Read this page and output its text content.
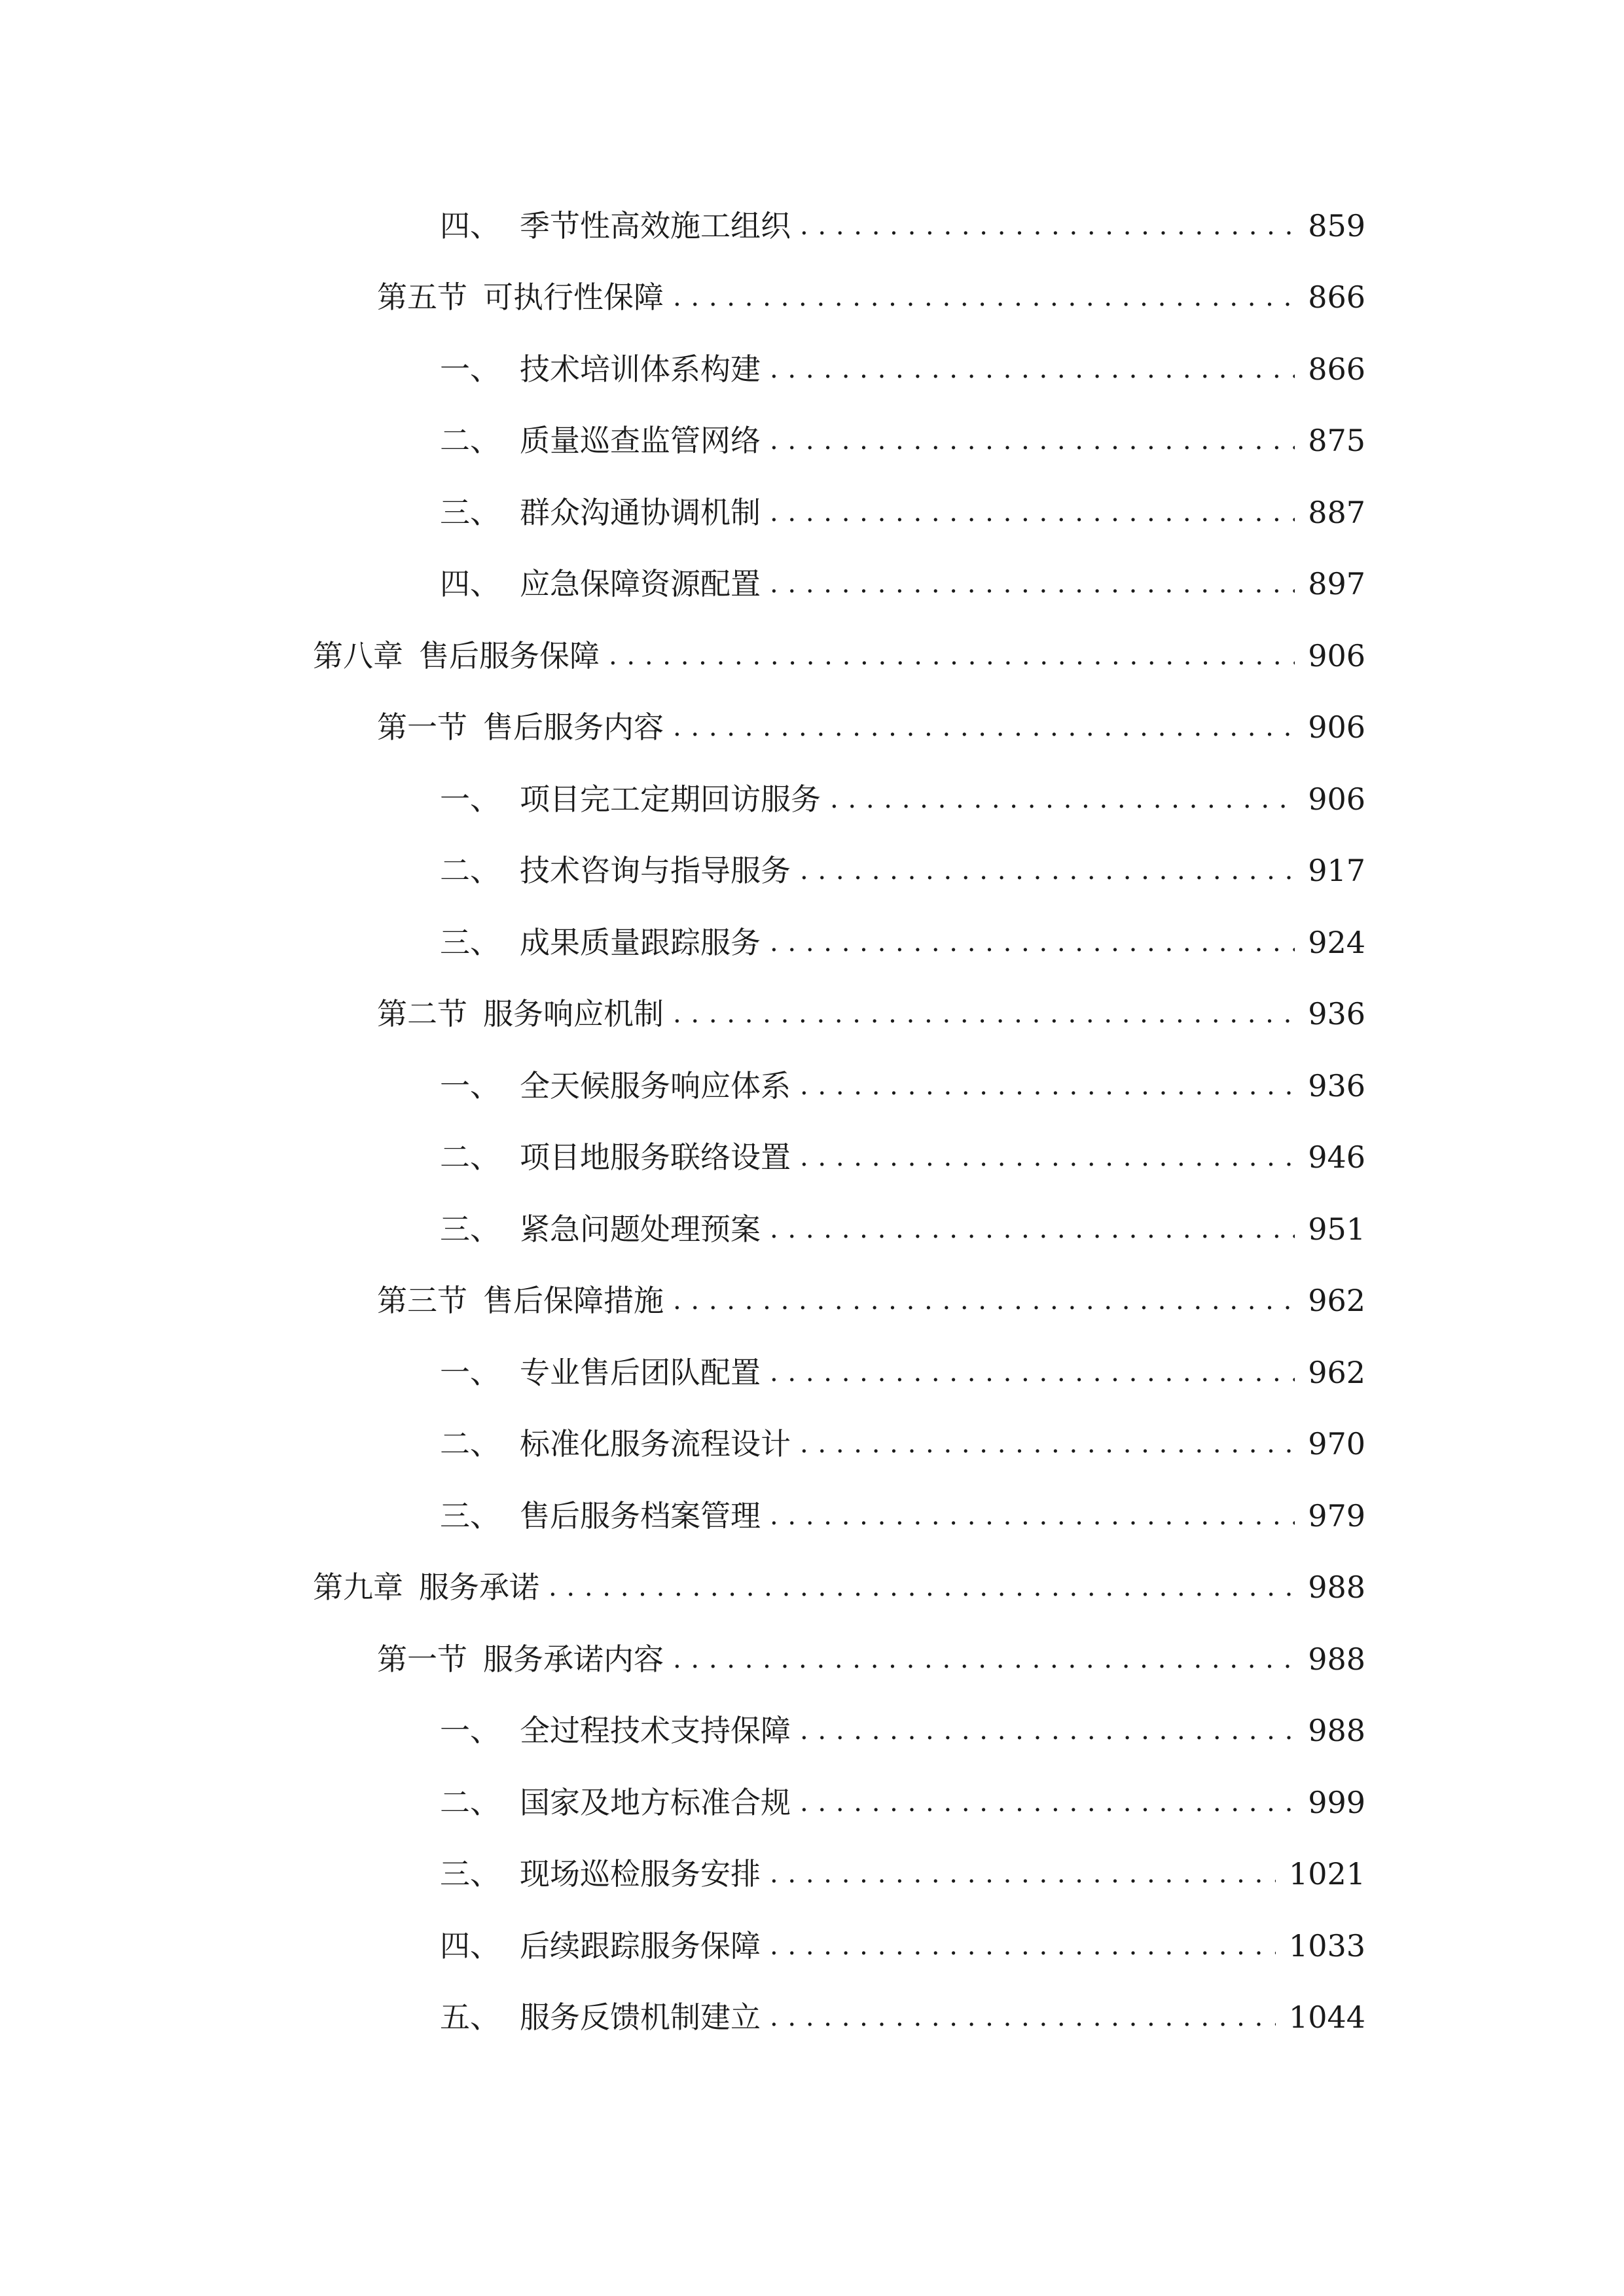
四、 季节性高效施工组织 . . .	859
第五节 可执行性保障 . . .	866
一、 技术培训体系构建 . . .	866
二、 质量巡查监管网络 . . .	875
三、 群众沟通协调机制 . . .	887
四、 应急保障资源配置 . . .	897
第八章 售后服务保障 . . .	906
第一节 售后服务内容 . . .	906
一、 项目完工定期回访服务 . . .	906
二、 技术咨询与指导服务 . . .	917
三、 成果质量跟踪服务 . . .	924
第二节 服务响应机制 . . .	936
一、 全天候服务响应体系 . . .	936
二、 项目地服务联络设置 . . .	946
三、 紧急问题处理预案 . . .	951
第三节 售后保障措施 . . .	962
一、 专业售后团队配置 . . .	962
二、 标准化服务流程设计 . . .	970
三、 售后服务档案管理 . . .	979
第九章 服务承诺 . . .	988
第一节 服务承诺内容 . . .	988
一、 全过程技术支持保障 . . .	988
二、 国家及地方标准合规 . . .	999
三、 现场巡检服务安排 . . .	1021
四、 后续跟踪服务保障 . . .	1033
五、 服务反馈机制建立 . . .	1044
